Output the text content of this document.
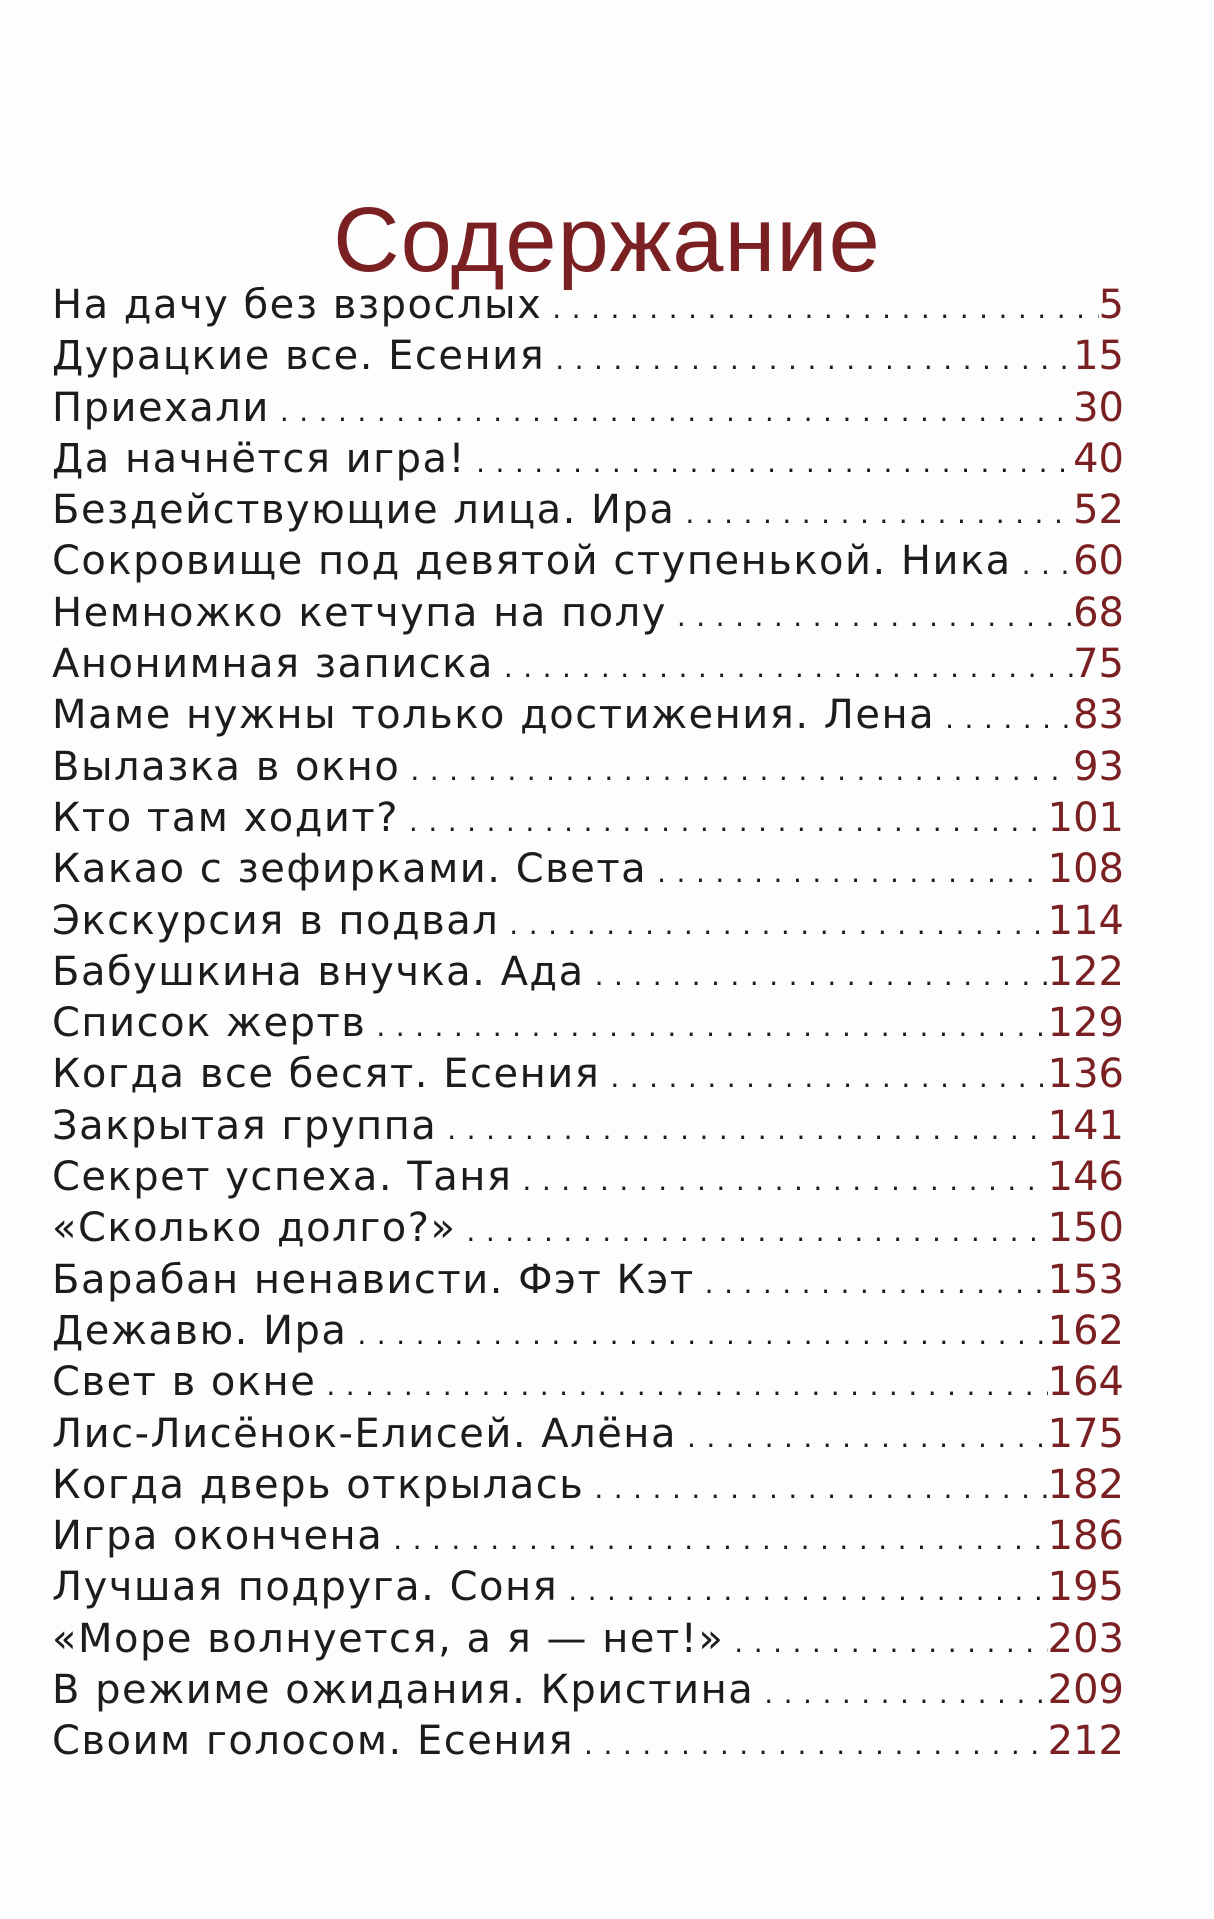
Содержание
На дачу без взрослых .....	5
Дурацкие все. Есения .....	15
Приехали .....	30
Да начнётся игра! .....	40
Бездействующие лица. Ира .....	52
Сокровище под девятой ступенькой. Ника ..... 60
Немножко кетчупа на полу .....	68
Анонимная записка .....	75
Маме нужны только достижения. Лена .....	83
Вылазка в окно .....	93
Кто там ходит? .....	101
Какао с зефирками. Света .....	108
Экскурсия в подвал .....	114
Бабушкина внучка. Ада .....	122
Список жертв .....	129
Когда все бесят. Есения .....	136
Закрытая группа .....	141
Секрет успеха. Таня .....	146
«Сколько долго?» .....	150
Барабан ненависти. Фэт Кэт .....	153
Дежавю. Ира .....	162
Свет в окне .....	164
Лис-Лисёнок-Елисей. Алёна .....	175
Когда дверь открылась .....	182
Игра окончена .....	186
Лучшая подруга. Соня .....	195
«Море волнуется, а я — нет!» .....	203
В режиме ожидания. Кристина .....	209
Своим голосом. Есения .....	212
